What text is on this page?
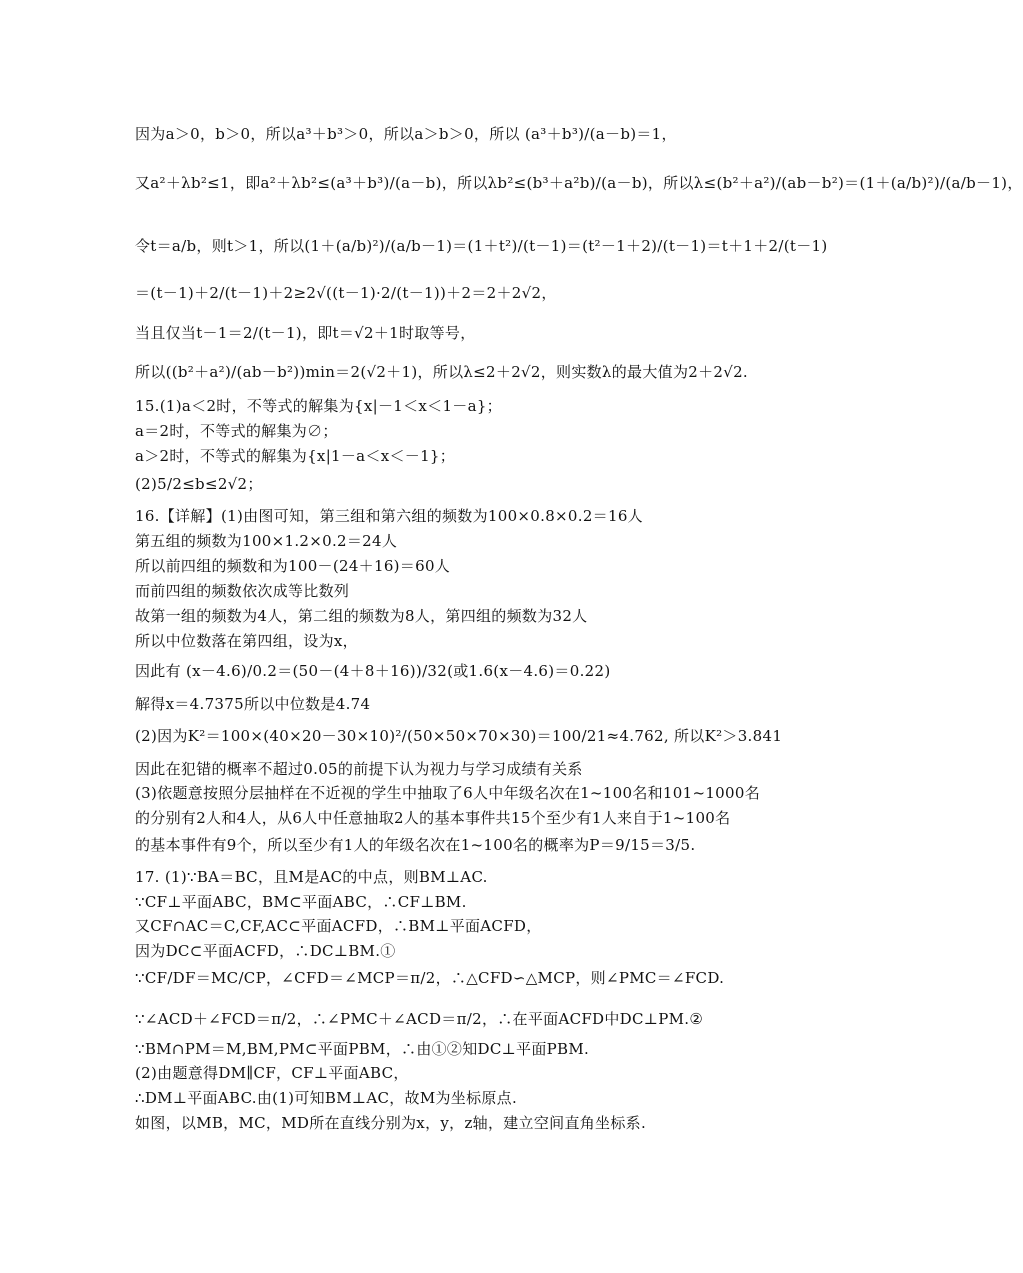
因为a＞0，b＞0，所以a³＋b³＞0，所以a＞b＞0，所以 (a³＋b³)/(a－b)＝1，
又a²＋λb²≤1，即a²＋λb²≤(a³＋b³)/(a－b)，所以λb²≤(b³＋a²b)/(a－b)，所以λ≤(b²＋a²)/(ab－b²)＝(1＋(a/b)²)/(a/b－1)，
令t＝a/b，则t＞1，所以(1＋(a/b)²)/(a/b－1)＝(1＋t²)/(t－1)＝(t²－1＋2)/(t－1)＝t＋1＋2/(t－1)
＝(t－1)＋2/(t－1)＋2≥2√((t－1)·2/(t－1))＋2＝2＋2√2，
当且仅当t－1＝2/(t－1)，即t＝√2＋1时取等号，
所以((b²＋a²)/(ab－b²))min＝2(√2＋1)，所以λ≤2＋2√2，则实数λ的最大值为2＋2√2.
15.(1)a＜2时，不等式的解集为{x|－1＜x＜1－a}；
a＝2时，不等式的解集为∅；
a＞2时，不等式的解集为{x|1－a＜x＜－1}；
(2)5/2≤b≤2√2；
16.【详解】(1)由图可知，第三组和第六组的频数为100×0.8×0.2＝16人
第五组的频数为100×1.2×0.2＝24人
所以前四组的频数和为100－(24＋16)＝60人
而前四组的频数依次成等比数列
故第一组的频数为4人，第二组的频数为8人，第四组的频数为32人
所以中位数落在第四组，设为x，
因此有 (x－4.6)/0.2＝(50－(4＋8＋16))/32(或1.6(x－4.6)＝0.22)
解得x＝4.7375所以中位数是4.74
(2)因为K²＝100×(40×20－30×10)²/(50×50×70×30)＝100/21≈4.762, 所以K²＞3.841
因此在犯错的概率不超过0.05的前提下认为视力与学习成绩有关系
(3)依题意按照分层抽样在不近视的学生中抽取了6人中年级名次在1~100名和101~1000名
的分别有2人和4人，从6人中任意抽取2人的基本事件共15个至少有1人来自于1~100名
的基本事件有9个，所以至少有1人的年级名次在1~100名的概率为P＝9/15＝3/5.
17. (1)∵BA＝BC，且M是AC的中点，则BM⊥AC.
∵CF⊥平面ABC，BM⊂平面ABC，∴CF⊥BM.
又CF∩AC＝C,CF,AC⊂平面ACFD，∴BM⊥平面ACFD，
因为DC⊂平面ACFD，∴DC⊥BM.①
∵CF/DF＝MC/CP，∠CFD＝∠MCP＝π/2，∴△CFD∽△MCP，则∠PMC＝∠FCD.
∵∠ACD＋∠FCD＝π/2，∴∠PMC＋∠ACD＝π/2，∴在平面ACFD中DC⊥PM.②
∵BM∩PM＝M,BM,PM⊂平面PBM，∴由①②知DC⊥平面PBM.
(2)由题意得DM∥CF，CF⊥平面ABC，
∴DM⊥平面ABC.由(1)可知BM⊥AC，故M为坐标原点.
如图，以MB，MC，MD所在直线分别为x，y，z轴，建立空间直角坐标系.
